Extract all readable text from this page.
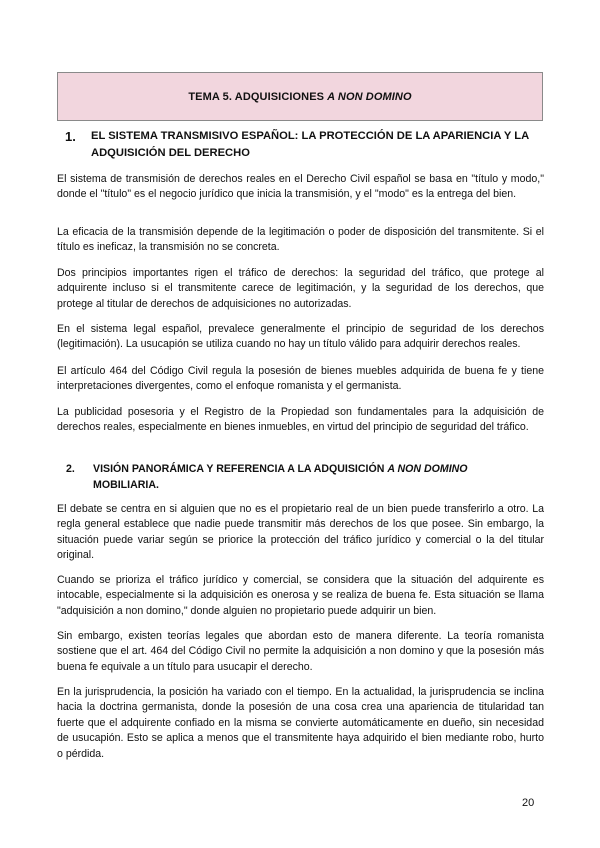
TEMA 5. ADQUISICIONES A NON DOMINO
1. EL SISTEMA TRANSMISIVO ESPAÑOL: LA PROTECCIÓN DE LA APARIENCIA Y LA ADQUISICIÓN DEL DERECHO

El sistema de transmisión de derechos reales en el Derecho Civil español se basa en "título y modo," donde el "título" es el negocio jurídico que inicia la transmisión, y el "modo" es la entrega del bien.

La eficacia de la transmisión depende de la legitimación o poder de disposición del transmitente. Si el título es ineficaz, la transmisión no se concreta.

Dos principios importantes rigen el tráfico de derechos: la seguridad del tráfico, que protege al adquirente incluso si el transmitente carece de legitimación, y la seguridad de los derechos, que protege al titular de derechos de adquisiciones no autorizadas.

En el sistema legal español, prevalece generalmente el principio de seguridad de los derechos (legitimación). La usucapión se utiliza cuando no hay un título válido para adquirir derechos reales.

El artículo 464 del Código Civil regula la posesión de bienes muebles adquirida de buena fe y tiene interpretaciones divergentes, como el enfoque romanista y el germanista.

La publicidad posesoria y el Registro de la Propiedad son fundamentales para la adquisición de derechos reales, especialmente en bienes inmuebles, en virtud del principio de seguridad del tráfico.

2. VISIÓN PANORÁMICA Y REFERENCIA A LA ADQUISICIÓN A NON DOMINO
MOBILIARIA.

El debate se centra en si alguien que no es el propietario real de un bien puede transferirlo a otro. La regla general establece que nadie puede transmitir más derechos de los que posee. Sin embargo, la situación puede variar según se priorice la protección del tráfico jurídico y comercial o la del titular original.

Cuando se prioriza el tráfico jurídico y comercial, se considera que la situación del adquirente es intocable, especialmente si la adquisición es onerosa y se realiza de buena fe. Esta situación se llama "adquisición a non domino," donde alguien no propietario puede adquirir un bien.

Sin embargo, existen teorías legales que abordan esto de manera diferente. La teoría romanista sostiene que el art. 464 del Código Civil no permite la adquisición a non domino y que la posesión más buena fe equivale a un título para usucapir el derecho.

En la jurisprudencia, la posición ha variado con el tiempo. En la actualidad, la jurisprudencia se inclina hacia la doctrina germanista, donde la posesión de una cosa crea una apariencia de titularidad tan fuerte que el adquirente confiado en la misma se convierte automáticamente en dueño, sin necesidad de usucapión. Esto se aplica a menos que el transmitente haya adquirido el bien mediante robo, hurto o pérdida.

20
